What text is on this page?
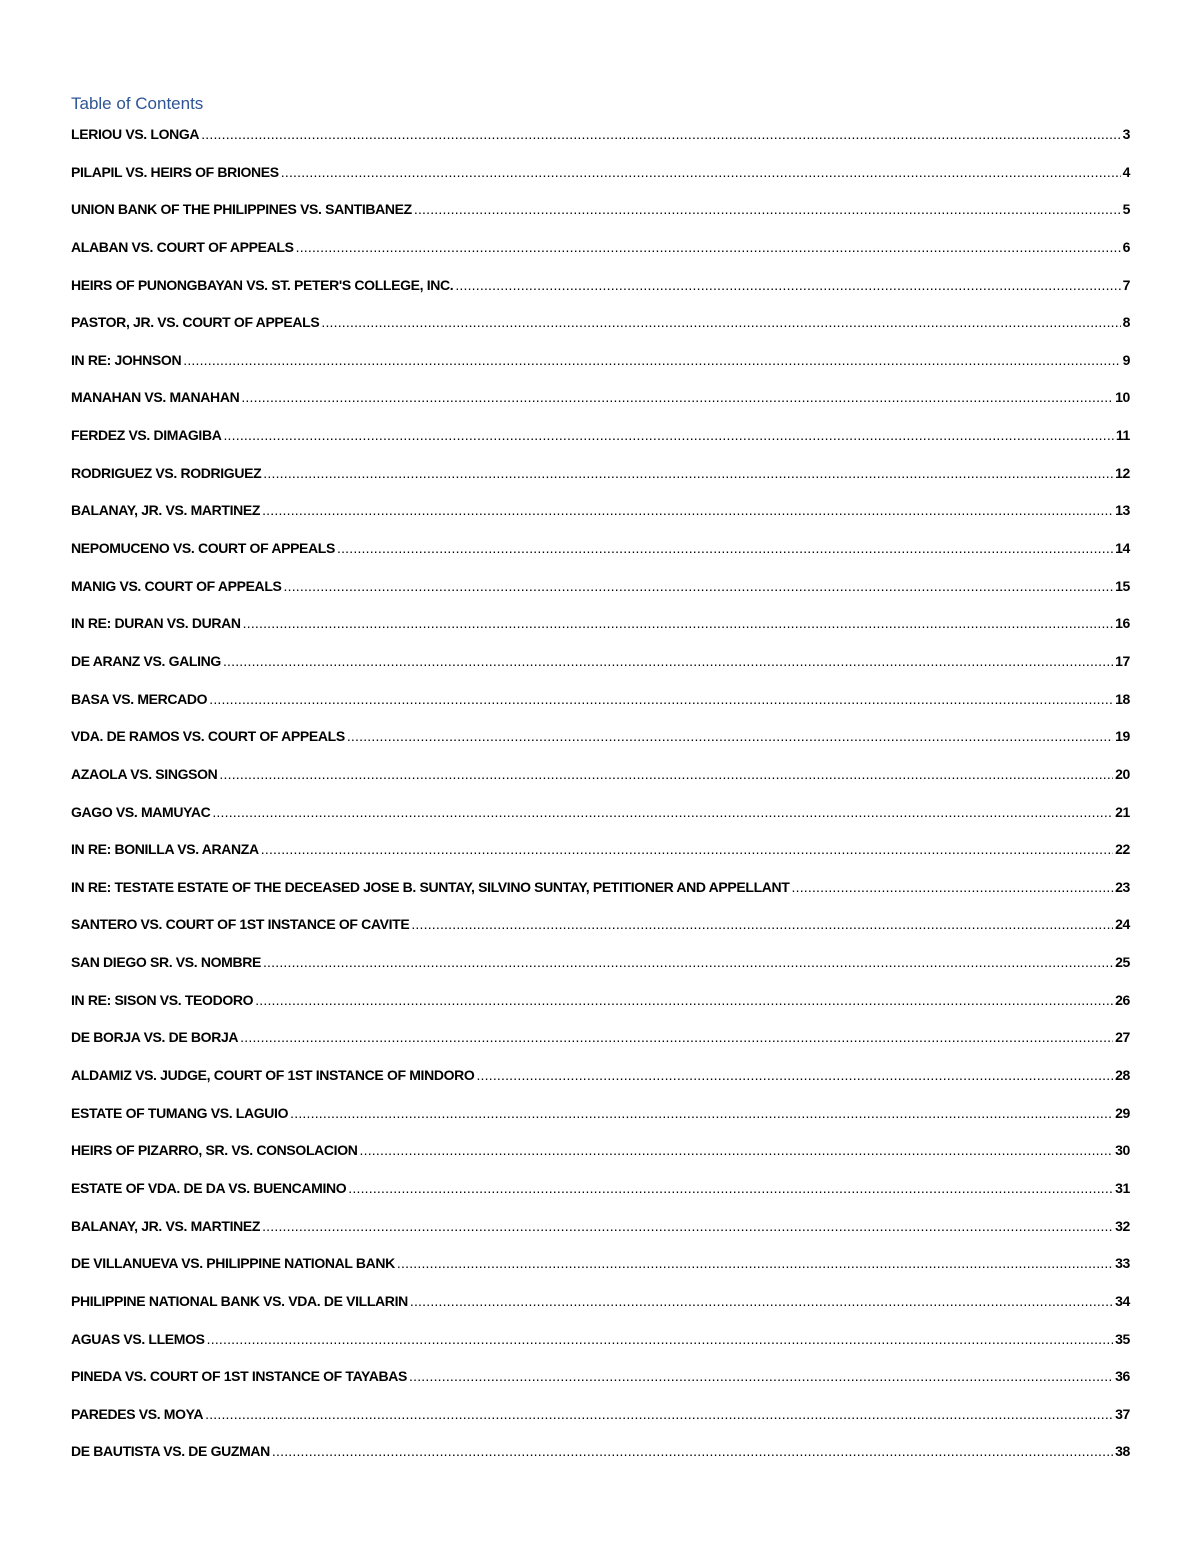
Table of Contents
LERIOU VS. LONGA .....	3
PILAPIL VS. HEIRS OF BRIONES .....	4
UNION BANK OF THE PHILIPPINES VS. SANTIBANEZ .....	5
ALABAN VS. COURT OF APPEALS .....	6
HEIRS OF PUNONGBAYAN VS. ST. PETER'S COLLEGE, INC. .....	7
PASTOR, JR. VS. COURT OF APPEALS .....	8
IN RE: JOHNSON .....	9
MANAHAN VS. MANAHAN .....	10
FERDEZ VS. DIMAGIBA .....	11
RODRIGUEZ VS. RODRIGUEZ .....	12
BALANAY, JR. VS. MARTINEZ .....	13
NEPOMUCENO VS. COURT OF APPEALS .....	14
MANIG VS. COURT OF APPEALS .....	15
IN RE: DURAN VS. DURAN .....	16
DE ARANZ VS. GALING .....	17
BASA VS. MERCADO .....	18
VDA. DE RAMOS VS. COURT OF APPEALS .....	19
AZAOLA VS. SINGSON .....	20
GAGO VS. MAMUYAC .....	21
IN RE: BONILLA VS. ARANZA .....	22
IN RE: TESTATE ESTATE OF THE DECEASED JOSE B. SUNTAY, SILVINO SUNTAY, PETITIONER AND APPELLANT .....	23
SANTERO VS. COURT OF 1ST INSTANCE OF CAVITE .....	24
SAN DIEGO SR. VS. NOMBRE .....	25
IN RE: SISON VS. TEODORO .....	26
DE BORJA VS. DE BORJA .....	27
ALDAMIZ VS. JUDGE, COURT OF 1ST INSTANCE OF MINDORO .....	28
ESTATE OF TUMANG VS. LAGUIO .....	29
HEIRS OF PIZARRO, SR. VS. CONSOLACION .....	30
ESTATE OF VDA. DE DA VS. BUENCAMINO .....	31
BALANAY, JR. VS. MARTINEZ .....	32
DE VILLANUEVA VS. PHILIPPINE NATIONAL BANK .....	33
PHILIPPINE NATIONAL BANK VS. VDA. DE VILLARIN .....	34
AGUAS VS. LLEMOS .....	35
PINEDA VS. COURT OF 1ST INSTANCE OF TAYABAS .....	36
PAREDES VS. MOYA .....	37
DE BAUTISTA VS. DE GUZMAN .....	38
